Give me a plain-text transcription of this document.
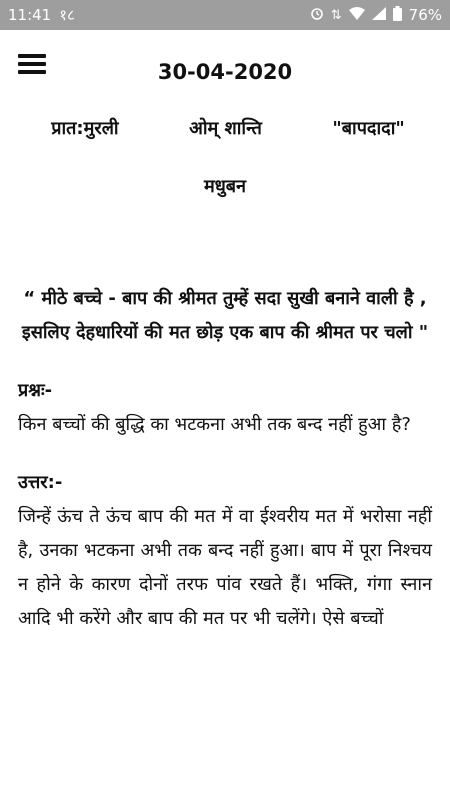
11:41 १८	⇅	76%
30-04-2020
प्रात:मुरली	ओम् शान्ति	"बापदादा"
मधुबन
“ मीठे बच्चे - बाप की श्रीमत तुम्हें सदा सुखी बनाने वाली है , इसलिए देहधारियों की मत छोड़ एक बाप की श्रीमत पर चलो "
प्रश्नः-
किन बच्चों की बुद्धि का भटकना अभी तक बन्द नहीं हुआ है?
उत्तर:-
जिन्हें ऊंच ते ऊंच बाप की मत में वा ईश्वरीय मत में भरोसा नहीं है, उनका भटकना अभी तक बन्द नहीं हुआ। बाप में पूरा निश्चय न होने के कारण दोनों तरफ पांव रखते हैं। भक्ति, गंगा स्नान आदि भी करेंगे और बाप की मत पर भी चलेंगे। ऐसे बच्चों
